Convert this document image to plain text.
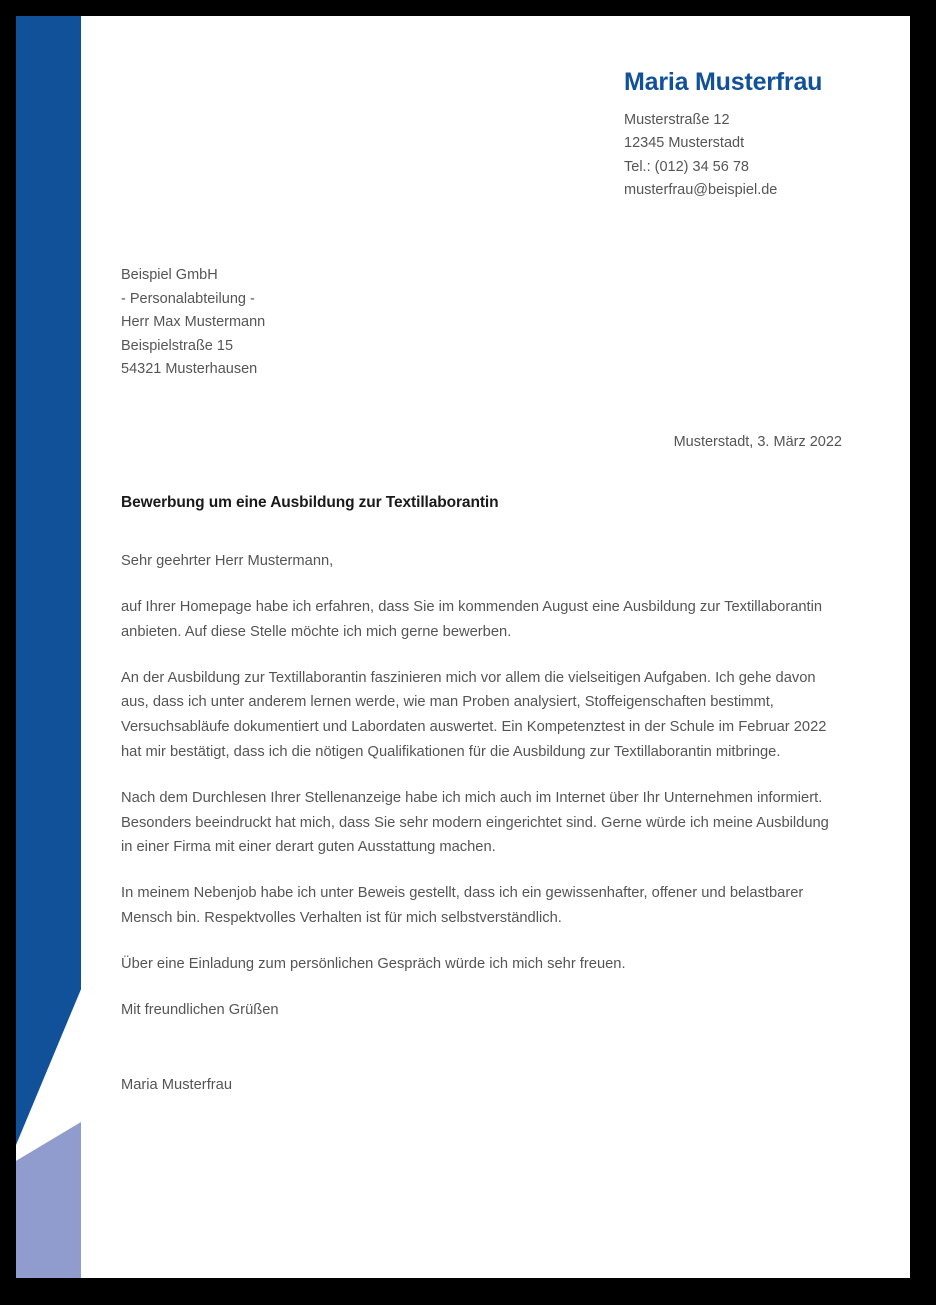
Maria Musterfrau
Musterstraße 12
12345 Musterstadt
Tel.: (012) 34 56 78
musterfrau@beispiel.de
Beispiel GmbH
- Personalabteilung -
Herr Max Mustermann
Beispielstraße 15
54321 Musterhausen
Musterstadt, 3. März 2022
Bewerbung um eine Ausbildung zur Textillaborantin

Sehr geehrter Herr Mustermann,

auf Ihrer Homepage habe ich erfahren, dass Sie im kommenden August eine Ausbildung zur Textillaborantin anbieten. Auf diese Stelle möchte ich mich gerne bewerben.

An der Ausbildung zur Textillaborantin faszinieren mich vor allem die vielseitigen Aufgaben. Ich gehe davon aus, dass ich unter anderem lernen werde, wie man Proben analysiert, Stoffeigenschaften bestimmt, Versuchsabläufe dokumentiert und Labordaten auswertet. Ein Kompetenztest in der Schule im Februar 2022 hat mir bestätigt, dass ich die nötigen Qualifikationen für die Ausbildung zur Textillaborantin mitbringe.

Nach dem Durchlesen Ihrer Stellenanzeige habe ich mich auch im Internet über Ihr Unternehmen informiert. Besonders beeindruckt hat mich, dass Sie sehr modern eingerichtet sind. Gerne würde ich meine Ausbildung in einer Firma mit einer derart guten Ausstattung machen.

In meinem Nebenjob habe ich unter Beweis gestellt, dass ich ein gewissenhafter, offener und belastbarer Mensch bin. Respektvolles Verhalten ist für mich selbstverständlich.

Über eine Einladung zum persönlichen Gespräch würde ich mich sehr freuen.

Mit freundlichen Grüßen

Maria Musterfrau
